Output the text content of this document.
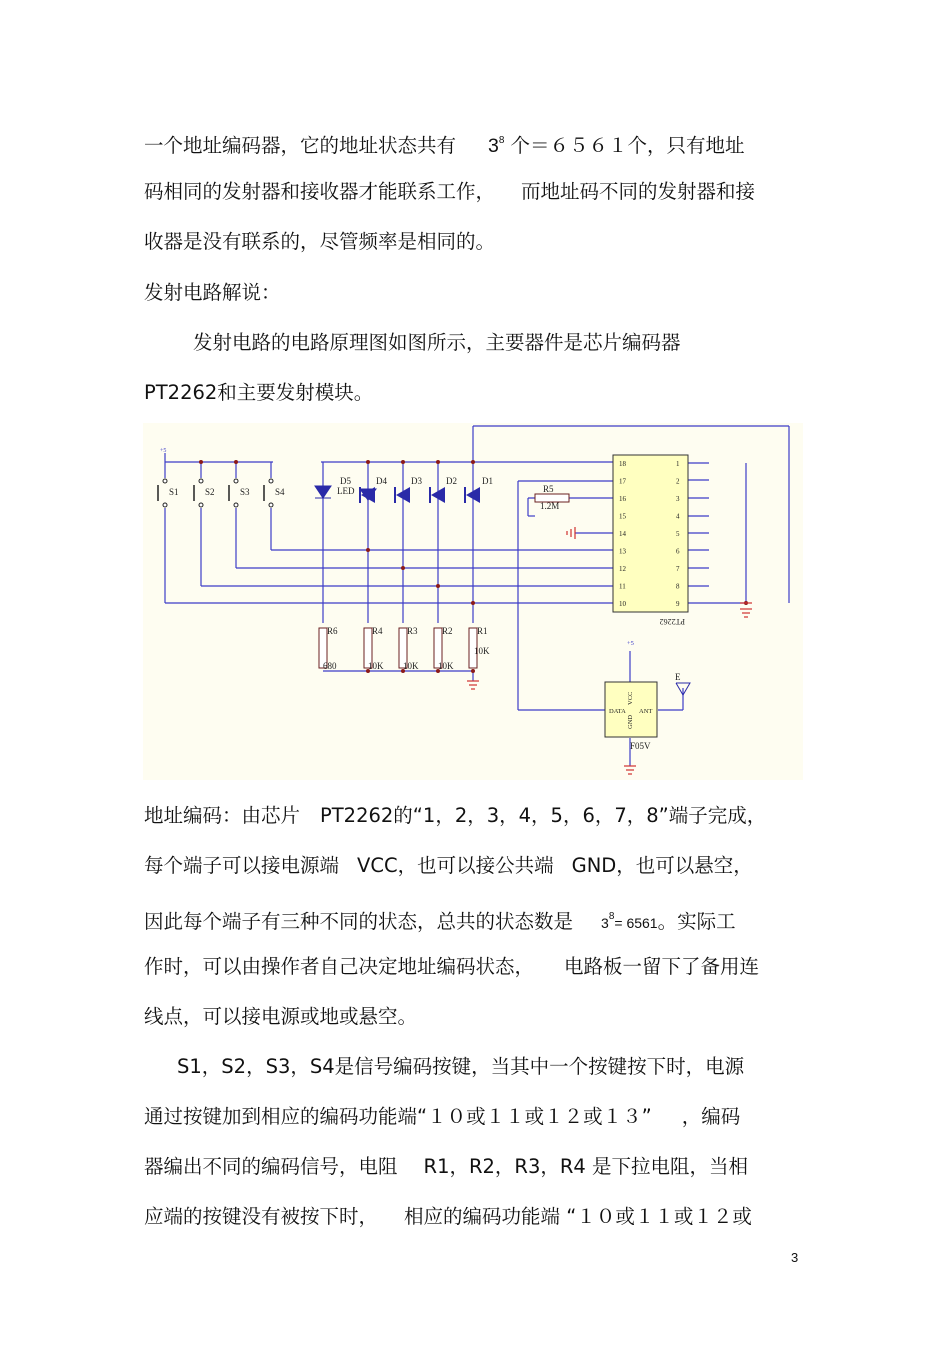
一个地址编码器，它的地址状态共有 $3^8$ 个＝６５６１个，只有地址
码相同的发射器和接收器才能联系工作， 而地址码不同的发射器和接
收器是没有联系的，尽管频率是相同的。
发射电路解说：
发射电路的电路原理图如图所示，主要器件是芯片编码器
PT2262和主要发射模块。
S1	S2	S3	S4
+5
D5	D4	D3	D2	D1
LED
R6
680
R4
10K
R3
10K
R2
10K
R1
10K
R5
1.2M
18
17
16
15
14
13
12
11
10
1
2
3
4
5
6
7
8
9
PT2262
DATA ANT
VCC
GND
F05V
+5
E
地址编码：由芯片 PT2262的“1，2，3，4，5，6，7，8”端子完成，
每个端子可以接电源端 VCC，也可以接公共端 GND，也可以悬空，
因此每个端子有三种不同的状态，总共的状态数是 $3^8= 6561$。实际工
作时，可以由操作者自己决定地址编码状态， 电路板一留下了备用连
线点，可以接电源或地或悬空。
S1，S2，S3，S4是信号编码按键，当其中一个按键按下时，电源
通过按键加到相应的编码功能端“１０或１１或１２或１３” ，编码
器编出不同的编码信号，电阻 R1，R2，R3，R4 是下拉电阻，当相
应端的按键没有被按下时， 相应的编码功能端 “１０或１１或１２或
3
